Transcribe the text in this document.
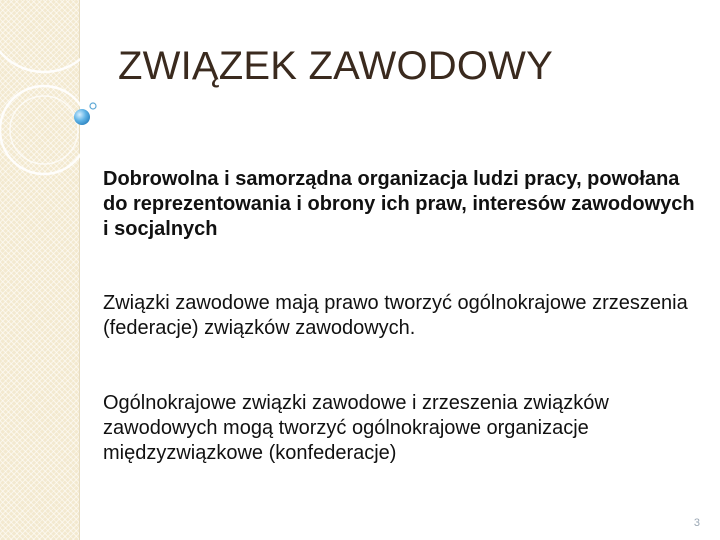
ZWIĄZEK ZAWODOWY

Dobrowolna i samorządna organizacja ludzi pracy, powołana do reprezentowania i obrony ich praw, interesów zawodowych i socjalnych

Związki zawodowe mają prawo tworzyć ogólnokrajowe zrzeszenia (federacje) związków zawodowych.

Ogólnokrajowe związki zawodowe i zrzeszenia związków zawodowych mogą tworzyć ogólnokrajowe organizacje międzyzwiązkowe (konfederacje)

3
